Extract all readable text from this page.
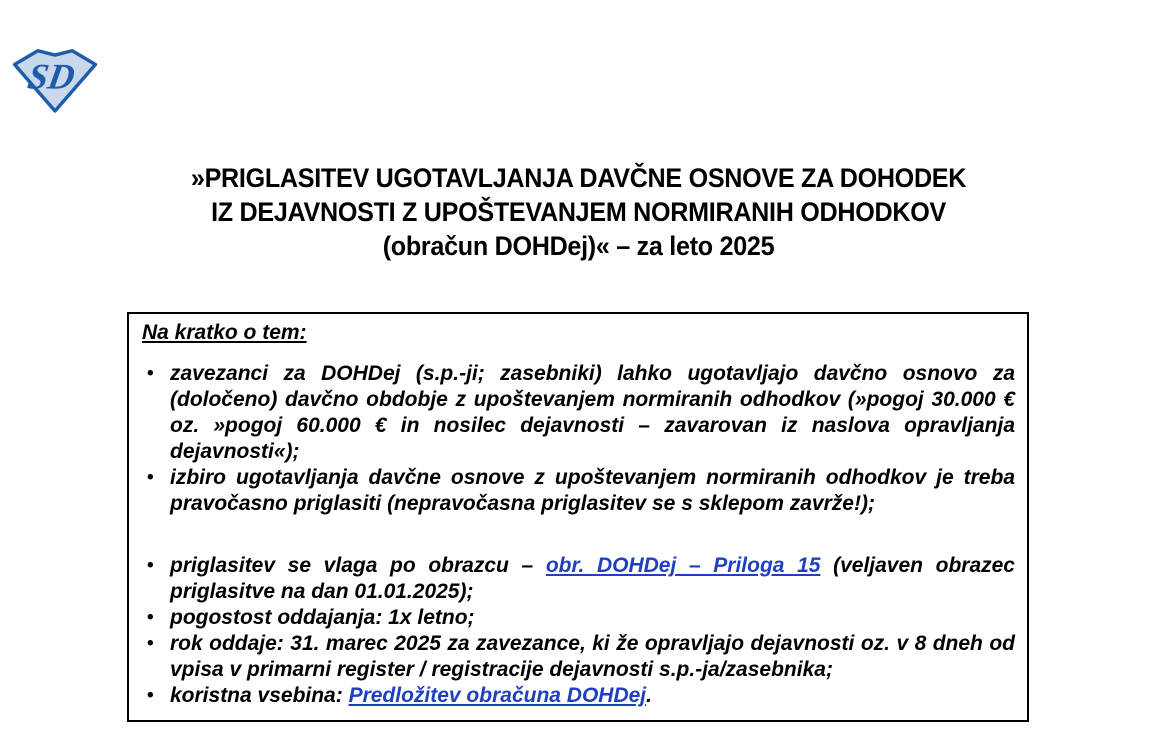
SD
»PRIGLASITEV UGOTAVLJANJA DAVČNE OSNOVE ZA DOHODEK
IZ DEJAVNOSTI Z UPOŠTEVANJEM NORMIRANIH ODHODKOV
(obračun DOHDej)« – za leto 2025
Na kratko o tem:
• zavezanci za DOHDej (s.p.-ji; zasebniki) lahko ugotavljajo davčno osnovo za (določeno) davčno obdobje z upoštevanjem normiranih odhodkov (»pogoj 30.000 € oz. »pogoj 60.000 € in nosilec dejavnosti – zavarovan iz naslova opravljanja dejavnosti«);
• izbiro ugotavljanja davčne osnove z upoštevanjem normiranih odhodkov je treba pravočasno priglasiti (nepravočasna priglasitev se s sklepom zavrže!);
• priglasitev se vlaga po obrazcu – obr. DOHDej – Priloga 15 (veljaven obrazec priglasitve na dan 01.01.2025);
• pogostost oddajanja: 1x letno;
• rok oddaje: 31. marec 2025 za zavezance, ki že opravljajo dejavnosti oz. v 8 dneh od vpisa v primarni register / registracije dejavnosti s.p.-ja/zasebnika;
• koristna vsebina: Predložitev obračuna DOHDej.
